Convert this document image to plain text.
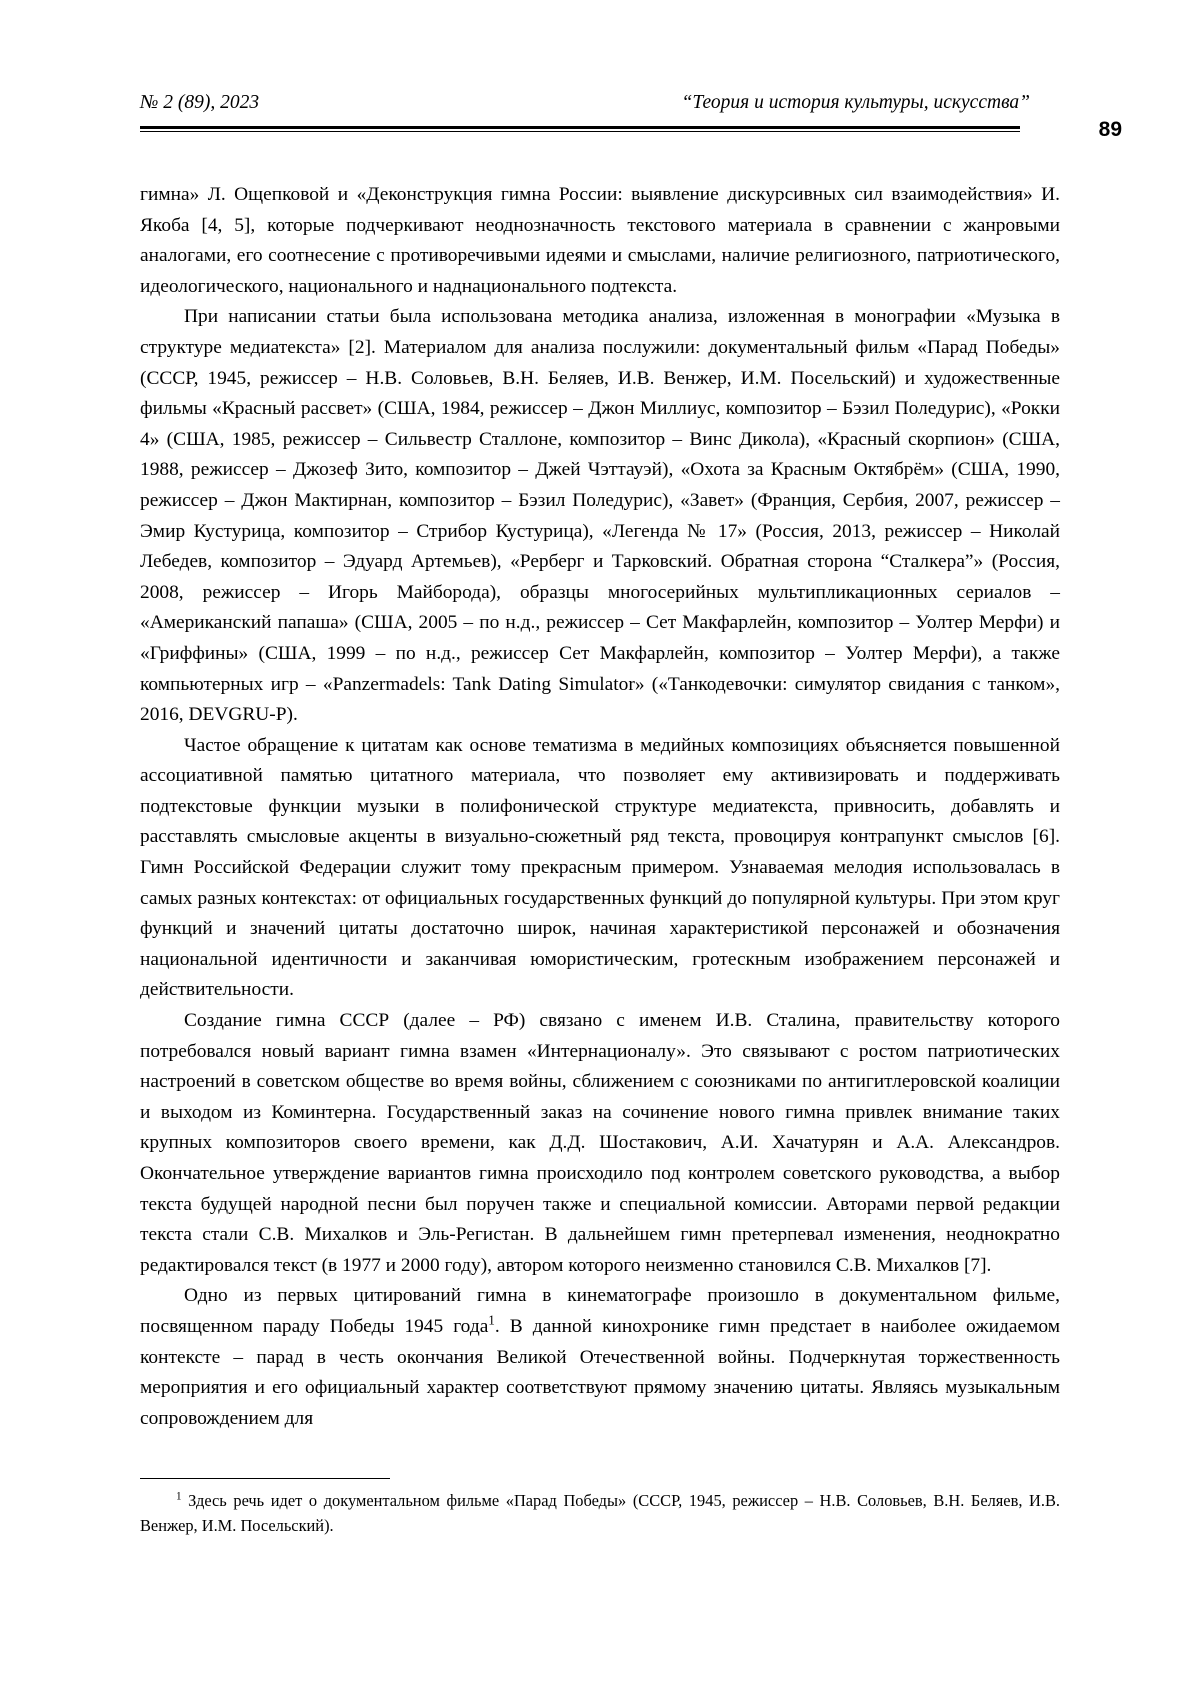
№ 2 (89), 2023	“Теория и история культуры, искусства”
89

гимна» Л. Ощепковой и «Деконструкция гимна России: выявление дискурсивных сил взаимодействия» И. Якоба [4, 5], которые подчеркивают неоднозначность текстового материала в сравнении с жанровыми аналогами, его соотнесение с противоречивыми идеями и смыслами, наличие религиозного, патриотического, идеологического, национального и наднационального подтекста.

При написании статьи была использована методика анализа, изложенная в монографии «Музыка в структуре медиатекста» [2]. Материалом для анализа послужили: документальный фильм «Парад Победы» (СССР, 1945, режиссер – Н.В. Соловьев, В.Н. Беляев, И.В. Венжер, И.М. Посельский) и художественные фильмы «Красный рассвет» (США, 1984, режиссер – Джон Миллиус, композитор – Бэзил Поледурис), «Рокки 4» (США, 1985, режиссер – Сильвестр Сталлоне, композитор – Винс Дикола), «Красный скорпион» (США, 1988, режиссер – Джозеф Зито, композитор – Джей Чэттауэй), «Охота за Красным Октябрём» (США, 1990, режиссер – Джон Мактирнан, композитор – Бэзил Поледурис), «Завет» (Франция, Сербия, 2007, режиссер – Эмир Кустурица, композитор – Стрибор Кустурица), «Легенда № 17» (Россия, 2013, режиссер – Николай Лебедев, композитор – Эдуард Артемьев), «Рерберг и Тарковский. Обратная сторона “Сталкера”» (Россия, 2008, режиссер – Игорь Майборода), образцы многосерийных мультипликационных сериалов – «Американский папаша» (США, 2005 – по н.д., режиссер – Сет Макфарлейн, композитор – Уолтер Мерфи) и «Гриффины» (США, 1999 – по н.д., режиссер Сет Макфарлейн, композитор – Уолтер Мерфи), а также компьютерных игр – «Panzermadels: Tank Dating Simulator» («Танкодевочки: симулятор свидания с танком», 2016, DEVGRU-P).

Частое обращение к цитатам как основе тематизма в медийных композициях объясняется повышенной ассоциативной памятью цитатного материала, что позволяет ему активизировать и поддерживать подтекстовые функции музыки в полифонической структуре медиатекста, привносить, добавлять и расставлять смысловые акценты в визуально-сюжетный ряд текста, провоцируя контрапункт смыслов [6]. Гимн Российской Федерации служит тому прекрасным примером. Узнаваемая мелодия использовалась в самых разных контекстах: от официальных государственных функций до популярной культуры. При этом круг функций и значений цитаты достаточно широк, начиная характеристикой персонажей и обозначения национальной идентичности и заканчивая юмористическим, гротескным изображением персонажей и действительности.

Создание гимна СССР (далее – РФ) связано с именем И.В. Сталина, правительству которого потребовался новый вариант гимна взамен «Интернационалу». Это связывают с ростом патриотических настроений в советском обществе во время войны, сближением с союзниками по антигитлеровской коалиции и выходом из Коминтерна. Государственный заказ на сочинение нового гимна привлек внимание таких крупных композиторов своего времени, как Д.Д. Шостакович, А.И. Хачатурян и А.А. Александров. Окончательное утверждение вариантов гимна происходило под контролем советского руководства, а выбор текста будущей народной песни был поручен также и специальной комиссии. Авторами первой редакции текста стали С.В. Михалков и Эль-Регистан. В дальнейшем гимн претерпевал изменения, неоднократно редактировался текст (в 1977 и 2000 году), автором которого неизменно становился С.В. Михалков [7].

Одно из первых цитирований гимна в кинематографе произошло в документальном фильме, посвященном параду Победы 1945 года$^1$. В данной кинохронике гимн предстает в наиболее ожидаемом контексте – парад в честь окончания Великой Отечественной войны. Подчеркнутая торжественность мероприятия и его официальный характер соответствуют прямому значению цитаты. Являясь музыкальным сопровождением для

$^1$ Здесь речь идет о документальном фильме «Парад Победы» (СССР, 1945, режиссер – Н.В. Соловьев, В.Н. Беляев, И.В. Венжер, И.М. Посельский).
